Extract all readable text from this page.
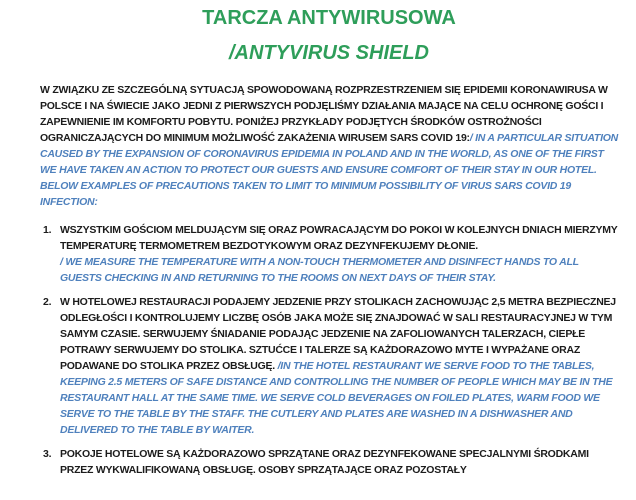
TARCZA ANTYWIRUSOWA
/ANTYVIRUS SHIELD

W ZWIĄZKU ZE SZCZEGÓLNĄ SYTUACJĄ SPOWODOWANĄ ROZPRZESTRZENIEM SIĘ EPIDEMII KORONAWIRUSA W POLSCE I NA ŚWIECIE JAKO JEDNI Z PIERWSZYCH PODJĘLIŚMY DZIAŁANIA MAJĄCE NA CELU OCHRONĘ GOŚCI I ZAPEWNIENIE IM KOMFORTU POBYTU. PONIŻEJ PRZYKŁADY PODJĘTYCH ŚRODKÓW OSTROŻNOŚCI OGRANICZAJĄCYCH DO MINIMUM MOŻLIWOŚĆ ZAKAŻENIA WIRUSEM SARS COVID 19:/ IN A PARTICULAR SITUATION CAUSED BY THE EXPANSION OF CORONAVIRUS EPIDEMIA IN POLAND AND IN THE WORLD, AS ONE OF THE FIRST WE HAVE TAKEN AN ACTION TO PROTECT OUR GUESTS AND ENSURE COMFORT OF THEIR STAY IN OUR HOTEL. BELOW EXAMPLES OF PRECAUTIONS TAKEN TO LIMIT TO MINIMUM POSSIBILITY OF VIRUS SARS COVID 19 INFECTION:

1. WSZYSTKIM GOŚCIOM MELDUJĄCYM SIĘ ORAZ POWRACAJĄCYM DO POKOI W KOLEJNYCH DNIACH MIERZYMY TEMPERATURĘ TERMOMETREM BEZDOTYKOWYM ORAZ DEZYNFEKUJEMY DŁONIE.

/ WE MEASURE THE TEMPERATURE WITH A NON-TOUCH THERMOMETER AND DISINFECT HANDS TO ALL GUESTS CHECKING IN AND RETURNING TO THE ROOMS ON NEXT DAYS OF THEIR STAY.

2. W HOTELOWEJ RESTAURACJI PODAJEMY JEDZENIE PRZY STOLIKACH ZACHOWUJĄC 2,5 METRA BEZPIECZNEJ ODLEGŁOŚCI I KONTROLUJEMY LICZBĘ OSÓB JAKA MOŻE SIĘ ZNAJDOWAĆ W SALI RESTAURACYJNEJ W TYM SAMYM CZASIE. SERWUJEMY ŚNIADANIE PODAJĄC JEDZENIE NA ZAFOLIOWANYCH TALERZACH, CIEPŁE POTRAWY SERWUJEMY DO STOLIKA. SZTUĆCE I TALERZE SĄ KAŻDORAZOWO MYTE I WYPAŻANE ORAZ PODAWANE DO STOLIKA PRZEZ OBSŁUGĘ. /IN THE HOTEL RESTAURANT WE SERVE FOOD TO THE TABLES, KEEPING 2.5 METERS OF SAFE DISTANCE AND CONTROLLING THE NUMBER OF PEOPLE WHICH MAY BE IN THE RESTAURANT HALL AT THE SAME TIME. WE SERVE COLD BEVERAGES ON FOILED PLATES, WARM FOOD WE SERVE TO THE TABLE BY THE STAFF. THE CUTLERY AND PLATES ARE WASHED IN A DISHWASHER AND DELIVERED TO THE TABLE BY WAITER.

3. POKOJE HOTELOWE SĄ KAŻDORAZOWO SPRZĄTANE ORAZ DEZYNFEKOWANE SPECJALNYMI ŚRODKAMI PRZEZ WYKWALIFIKOWANĄ OBSŁUGĘ. OSOBY SPRZĄTAJĄCE ORAZ POZOSTAŁY
